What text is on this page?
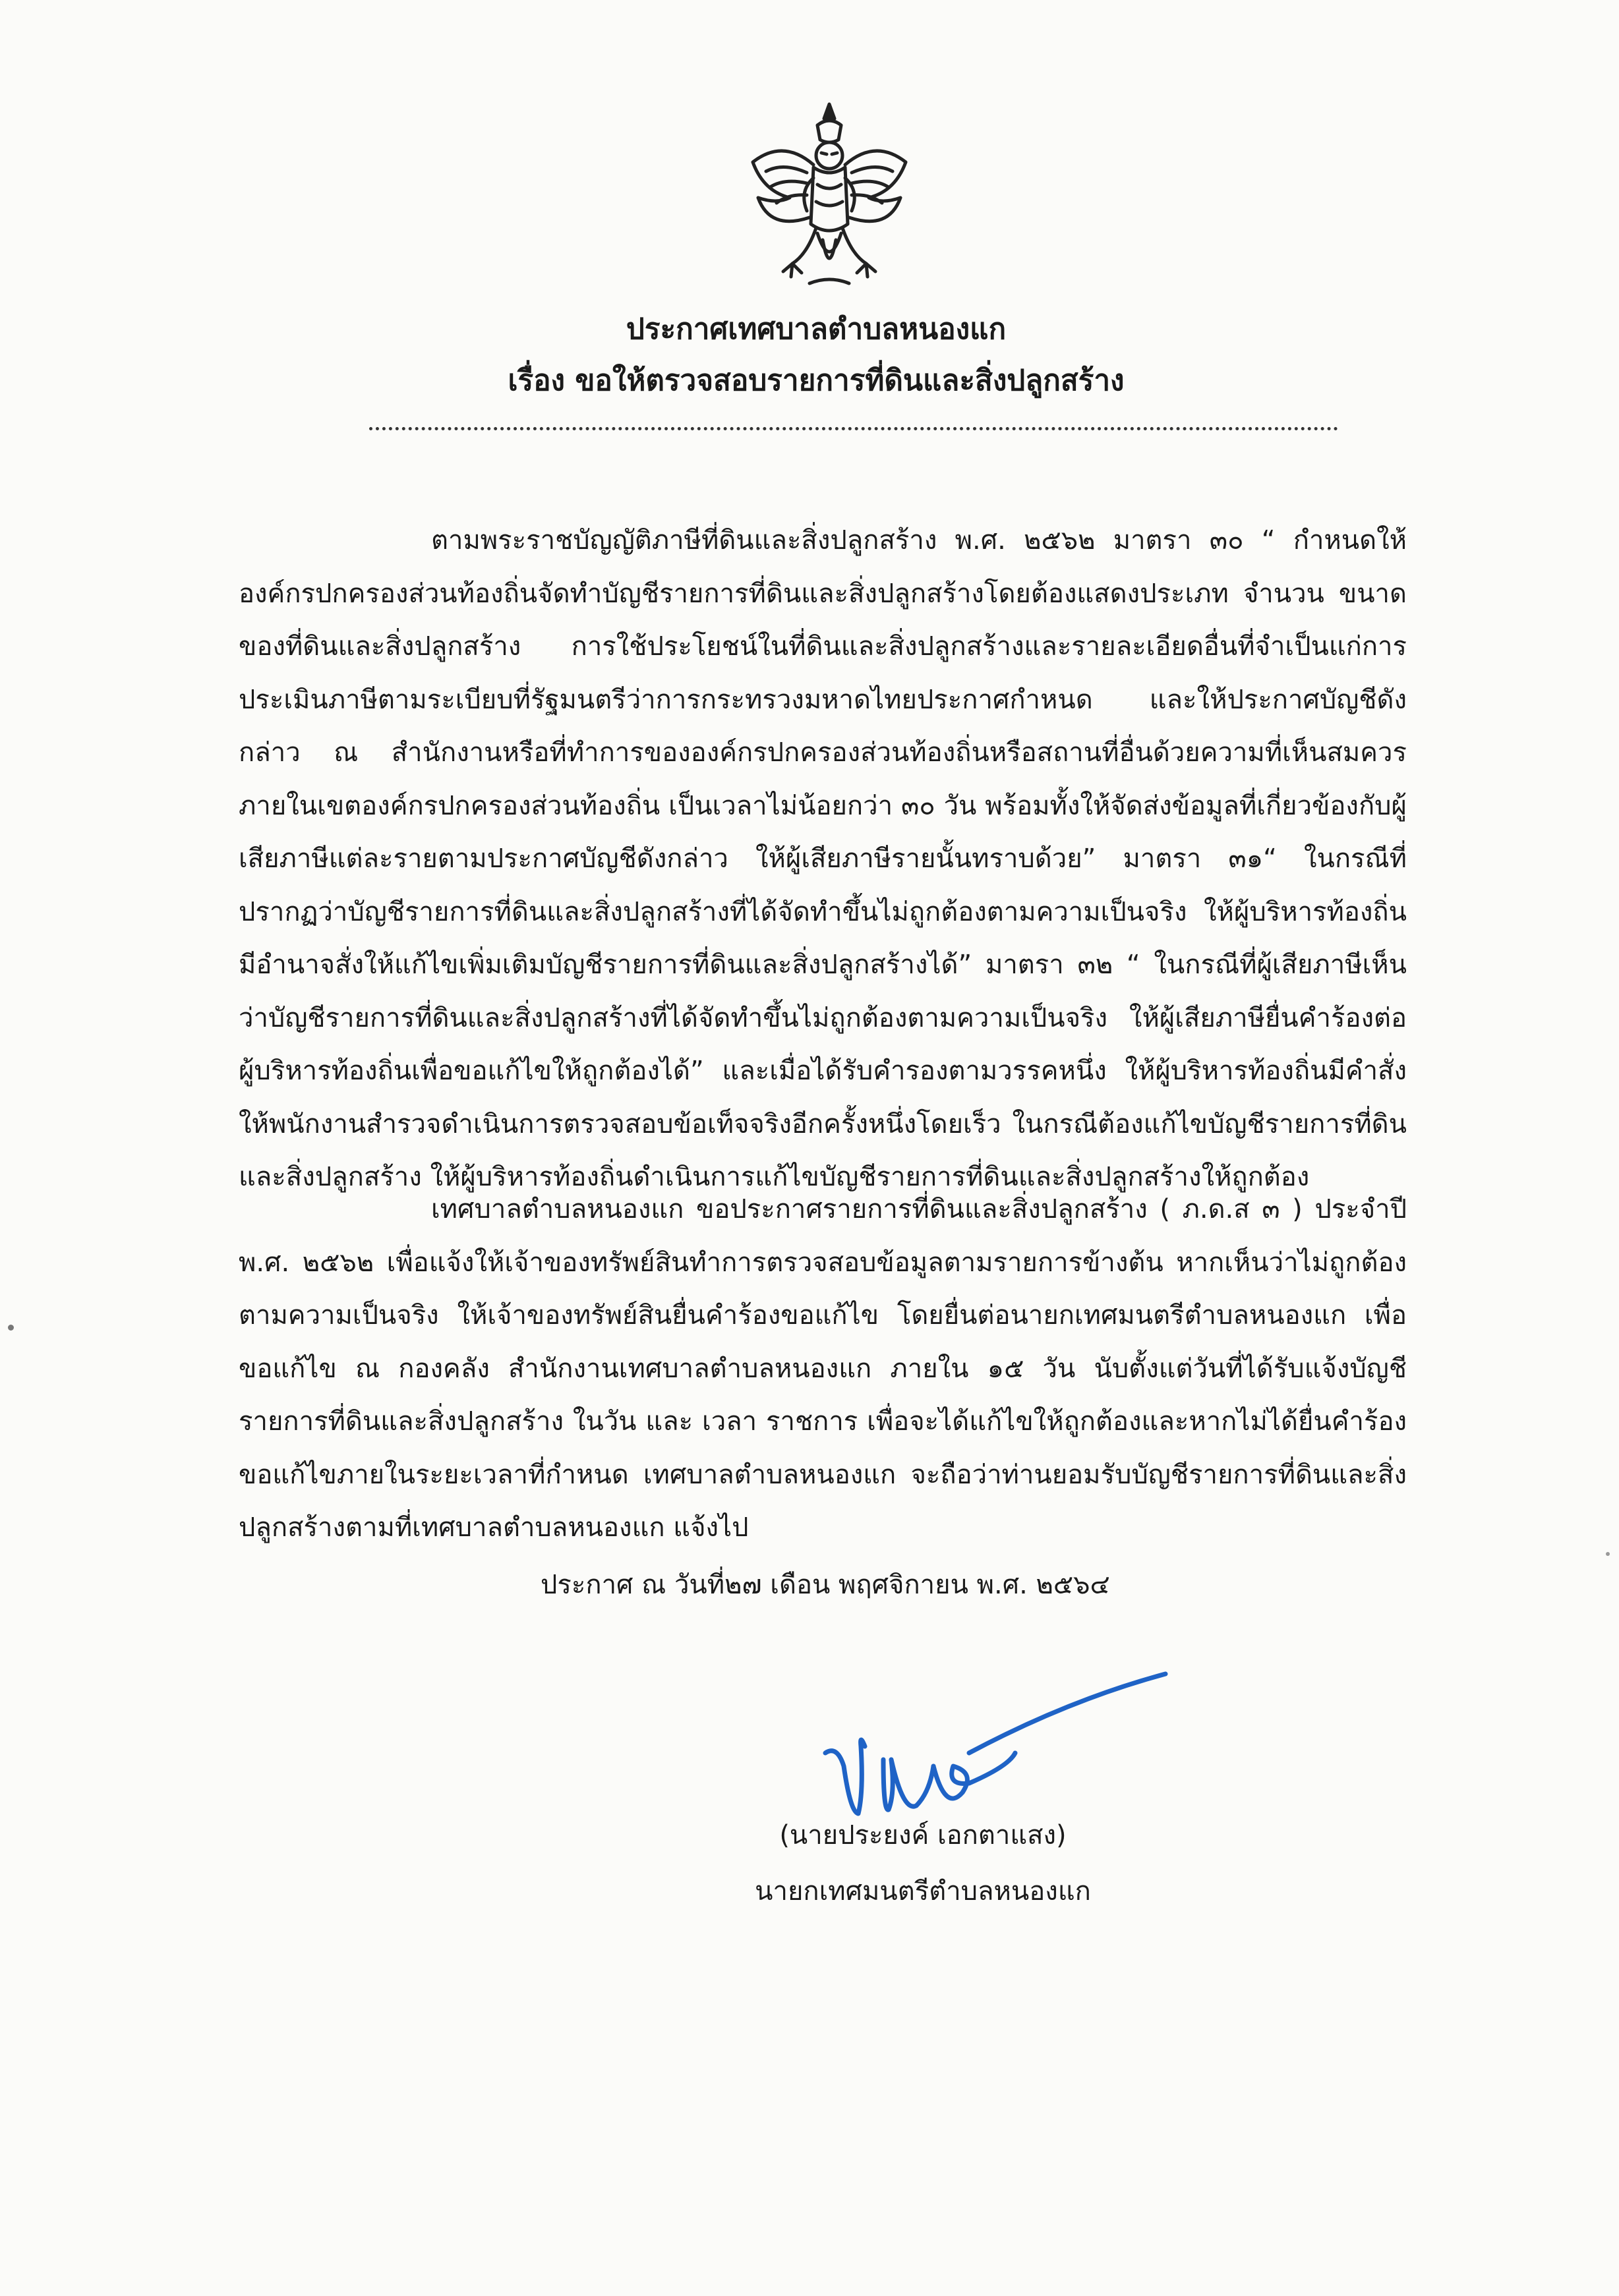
ประกาศเทศบาลตำบลหนองแก
เรื่อง ขอให้ตรวจสอบรายการที่ดินและสิ่งปลูกสร้าง
ตามพระราชบัญญัติภาษีที่ดินและสิ่งปลูกสร้าง พ.ศ. ๒๕๖๒ มาตรา ๓๐ “ กำหนดให้องค์กรปกครองส่วนท้องถิ่นจัดทำบัญชีรายการที่ดินและสิ่งปลูกสร้างโดยต้องแสดงประเภท จำนวน ขนาดของที่ดินและสิ่งปลูกสร้าง การใช้ประโยชน์ในที่ดินและสิ่งปลูกสร้างและรายละเอียดอื่นที่จำเป็นแก่การประเมินภาษีตามระเบียบที่รัฐมนตรีว่าการกระทรวงมหาดไทยประกาศกำหนด และให้ประกาศบัญชีดังกล่าว ณ สำนักงานหรือที่ทำการขององค์กรปกครองส่วนท้องถิ่นหรือสถานที่อื่นด้วยความที่เห็นสมควร ภายในเขตองค์กรปกครองส่วนท้องถิ่น เป็นเวลาไม่น้อยกว่า ๓๐ วัน พร้อมทั้งให้จัดส่งข้อมูลที่เกี่ยวข้องกับผู้เสียภาษีแต่ละรายตามประกาศบัญชีดังกล่าว ให้ผู้เสียภาษีรายนั้นทราบด้วย” มาตรา ๓๑“ ในกรณีที่ปรากฏว่าบัญชีรายการที่ดินและสิ่งปลูกสร้างที่ได้จัดทำขึ้นไม่ถูกต้องตามความเป็นจริง ให้ผู้บริหารท้องถิ่นมีอำนาจสั่งให้แก้ไขเพิ่มเติมบัญชีรายการที่ดินและสิ่งปลูกสร้างได้” มาตรา ๓๒ “ ในกรณีที่ผู้เสียภาษีเห็นว่าบัญชีรายการที่ดินและสิ่งปลูกสร้างที่ได้จัดทำขึ้นไม่ถูกต้องตามความเป็นจริง ให้ผู้เสียภาษียื่นคำร้องต่อผู้บริหารท้องถิ่นเพื่อขอแก้ไขให้ถูกต้องได้” และเมื่อได้รับคำรองตามวรรคหนึ่ง ให้ผู้บริหารท้องถิ่นมีคำสั่งให้พนักงานสำรวจดำเนินการตรวจสอบข้อเท็จจริงอีกครั้งหนึ่งโดยเร็ว ในกรณีต้องแก้ไขบัญชีรายการที่ดินและสิ่งปลูกสร้าง ให้ผู้บริหารท้องถิ่นดำเนินการแก้ไขบัญชีรายการที่ดินและสิ่งปลูกสร้างให้ถูกต้อง
เทศบาลตำบลหนองแก ขอประกาศรายการที่ดินและสิ่งปลูกสร้าง ( ภ.ด.ส ๓ ) ประจำปี พ.ศ. ๒๕๖๒ เพื่อแจ้งให้เจ้าของทรัพย์สินทำการตรวจสอบข้อมูลตามรายการข้างต้น หากเห็นว่าไม่ถูกต้องตามความเป็นจริง ให้เจ้าของทรัพย์สินยื่นคำร้องขอแก้ไข โดยยื่นต่อนายกเทศมนตรีตำบลหนองแก เพื่อขอแก้ไข ณ กองคลัง สำนักงานเทศบาลตำบลหนองแก ภายใน ๑๕ วัน นับตั้งแต่วันที่ได้รับแจ้งบัญชีรายการที่ดินและสิ่งปลูกสร้าง ในวัน และ เวลา ราชการ เพื่อจะได้แก้ไขให้ถูกต้องและหากไม่ได้ยื่นคำร้องขอแก้ไขภายในระยะเวลาที่กำหนด เทศบาลตำบลหนองแก จะถือว่าท่านยอมรับบัญชีรายการที่ดินและสิ่งปลูกสร้างตามที่เทศบาลตำบลหนองแก แจ้งไป
ประกาศ ณ วันที่๒๗ เดือน พฤศจิกายน พ.ศ. ๒๕๖๔
(นายประยงค์ เอกตาแสง)
นายกเทศมนตรีตำบลหนองแก
